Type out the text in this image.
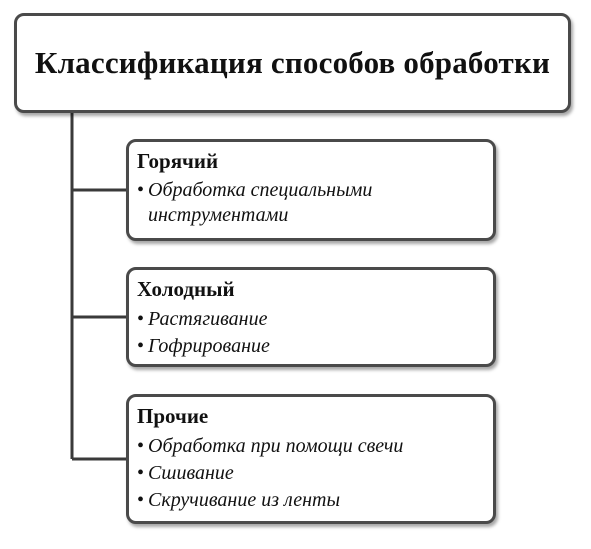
Классификация способов обработки
Горячий
• Обработка специальными инструментами
Холодный
• Растягивание
• Гофрирование
Прочие
• Обработка при помощи свечи
• Сшивание
• Скручивание из ленты
